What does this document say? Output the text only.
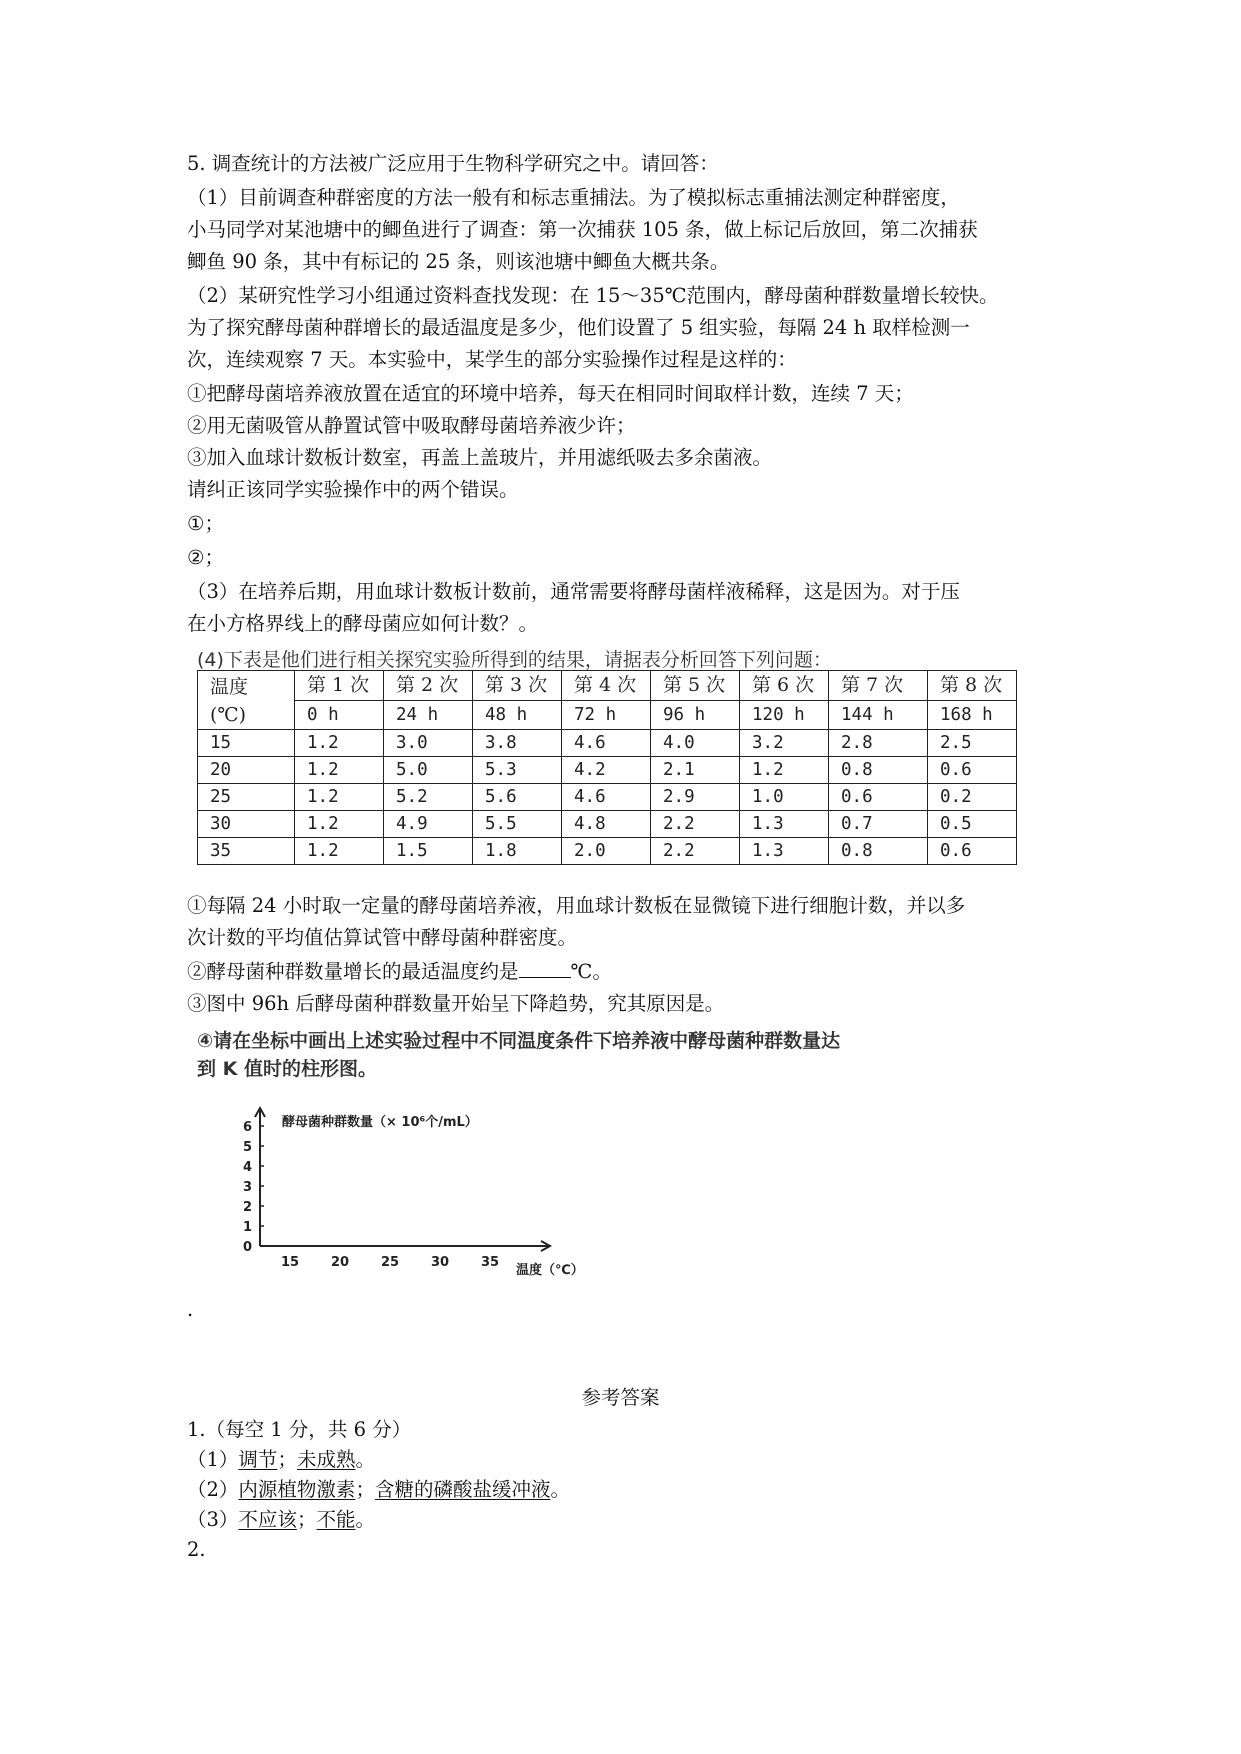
5. 调查统计的方法被广泛应用于生物科学研究之中。请回答：
（1）目前调查种群密度的方法一般有和标志重捕法。为了模拟标志重捕法测定种群密度，
小马同学对某池塘中的鲫鱼进行了调查：第一次捕获 105 条，做上标记后放回，第二次捕获
鲫鱼 90 条，其中有标记的 25 条，则该池塘中鲫鱼大概共条。
（2）某研究性学习小组通过资料查找发现：在 15～35℃范围内，酵母菌种群数量增长较快。
为了探究酵母菌种群增长的最适温度是多少，他们设置了 5 组实验，每隔 24 h 取样检测一
次，连续观察 7 天。本实验中，某学生的部分实验操作过程是这样的：
①把酵母菌培养液放置在适宜的环境中培养，每天在相同时间取样计数，连续 7 天；
②用无菌吸管从静置试管中吸取酵母菌培养液少许；
③加入血球计数板计数室，再盖上盖玻片，并用滤纸吸去多余菌液。
请纠正该同学实验操作中的两个错误。
①；
②；
（3）在培养后期，用血球计数板计数前，通常需要将酵母菌样液稀释，这是因为。对于压
在小方格界线上的酵母菌应如何计数？。
(4)下表是他们进行相关探究实验所得到的结果，请据表分析回答下列问题：
温度
(℃)	第 1 次	第 2 次	第 3 次	第 4 次	第 5 次	第 6 次	第 7 次	第 8 次
	0 h	24 h	48 h	72 h	96 h	120 h	144 h	168 h
15	1.2	3.0	3.8	4.6	4.0	3.2	2.8	2.5
20	1.2	5.0	5.3	4.2	2.1	1.2	0.8	0.6
25	1.2	5.2	5.6	4.6	2.9	1.0	0.6	0.2
30	1.2	4.9	5.5	4.8	2.2	1.3	0.7	0.5
35	1.2	1.5	1.8	2.0	2.2	1.3	0.8	0.6
①每隔 24 小时取一定量的酵母菌培养液，用血球计数板在显微镜下进行细胞计数，并以多
次计数的平均值估算试管中酵母菌种群密度。
②酵母菌种群数量增长的最适温度约是	℃。
③图中 96h 后酵母菌种群数量开始呈下降趋势，究其原因是。
④请在坐标中画出上述实验过程中不同温度条件下培养液中酵母菌种群数量达
到 K 值时的柱形图。
0
1
2
3
4
5
6
15 20 25 30 35
酵母菌种群数量（× 10⁶个/mL）
温度（℃）
.
参考答案
1.（每空 1 分，共 6 分）
（1）调节；未成熟。
（2）内源植物激素；含糖的磷酸盐缓冲液。
（3）不应该；不能。
2.
